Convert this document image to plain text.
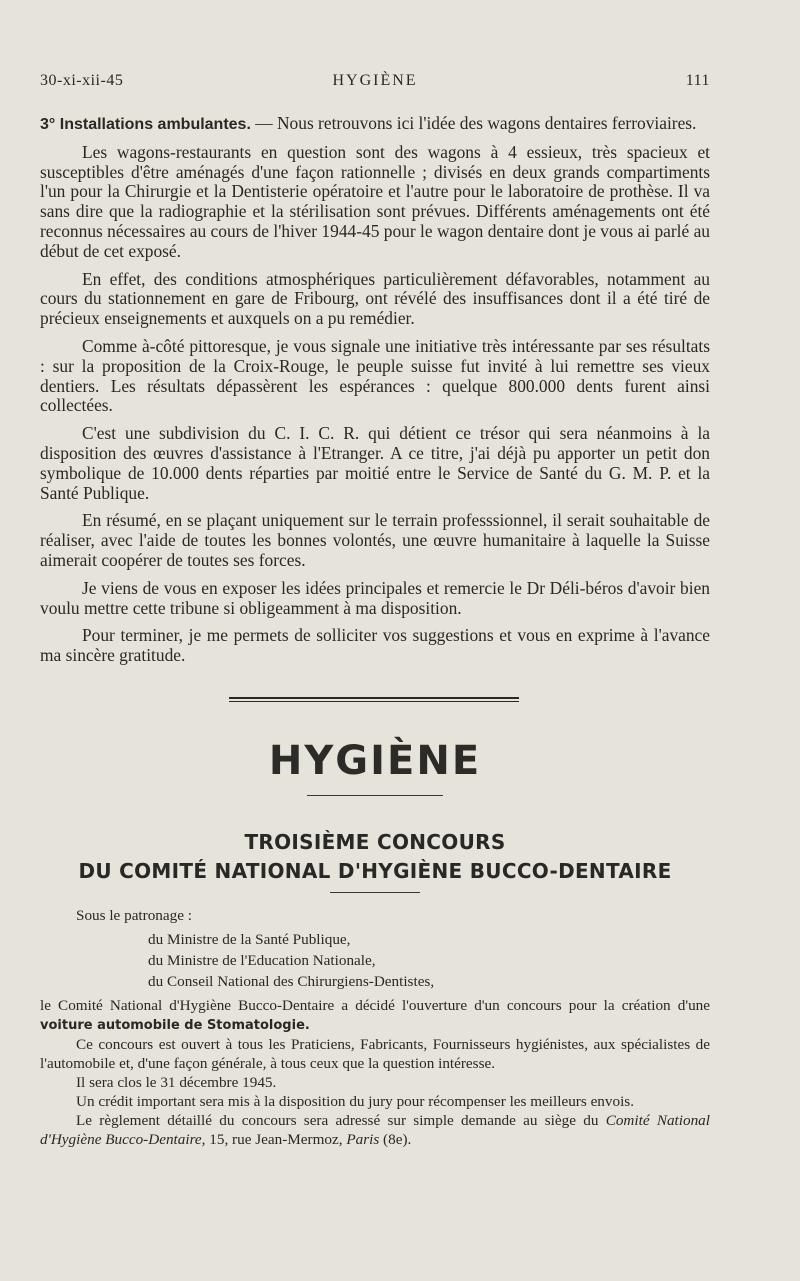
30-xi-xii-45	HYGIÈNE	111

3° Installations ambulantes. — Nous retrouvons ici l'idée des wagons dentaires ferroviaires.

Les wagons-restaurants en question sont des wagons à 4 essieux, très spacieux et susceptibles d'être aménagés d'une façon rationnelle ; divisés en deux grands compartiments l'un pour la Chirurgie et la Dentisterie opératoire et l'autre pour le laboratoire de prothèse. Il va sans dire que la radiographie et la stérilisation sont prévues. Différents aménagements ont été reconnus nécessaires au cours de l'hiver 1944-45 pour le wagon dentaire dont je vous ai parlé au début de cet exposé.

En effet, des conditions atmosphériques particulièrement défavorables, notamment au cours du stationnement en gare de Fribourg, ont révélé des insuffisances dont il a été tiré de précieux enseignements et auxquels on a pu remédier.

Comme à-côté pittoresque, je vous signale une initiative très intéressante par ses résultats : sur la proposition de la Croix-Rouge, le peuple suisse fut invité à lui remettre ses vieux dentiers. Les résultats dépassèrent les espérances : quelque 800.000 dents furent ainsi collectées.

C'est une subdivision du C. I. C. R. qui détient ce trésor qui sera néanmoins à la disposition des œuvres d'assistance à l'Etranger. A ce titre, j'ai déjà pu apporter un petit don symbolique de 10.000 dents réparties par moitié entre le Service de Santé du G. M. P. et la Santé Publique.

En résumé, en se plaçant uniquement sur le terrain professsionnel, il serait souhaitable de réaliser, avec l'aide de toutes les bonnes volontés, une œuvre humanitaire à laquelle la Suisse aimerait coopérer de toutes ses forces.

Je viens de vous en exposer les idées principales et remercie le Dr Déli-béros d'avoir bien voulu mettre cette tribune si obligeamment à ma disposition.

Pour terminer, je me permets de solliciter vos suggestions et vous en exprime à l'avance ma sincère gratitude.

HYGIÈNE
TROISIÈME CONCOURS
DU COMITÉ NATIONAL D'HYGIÈNE BUCCO-DENTAIRE

Sous le patronage :

du Ministre de la Santé Publique,

du Ministre de l'Education Nationale,

du Conseil National des Chirurgiens-Dentistes,

le Comité National d'Hygiène Bucco-Dentaire a décidé l'ouverture d'un concours pour la création d'une voiture automobile de Stomatologie.

Ce concours est ouvert à tous les Praticiens, Fabricants, Fournisseurs hygiénistes, aux spécialistes de l'automobile et, d'une façon générale, à tous ceux que la question intéresse.

Il sera clos le 31 décembre 1945.

Un crédit important sera mis à la disposition du jury pour récompenser les meilleurs envois.

Le règlement détaillé du concours sera adressé sur simple demande au siège du Comité National d'Hygiène Bucco-Dentaire, 15, rue Jean-Mermoz, Paris (8e).
